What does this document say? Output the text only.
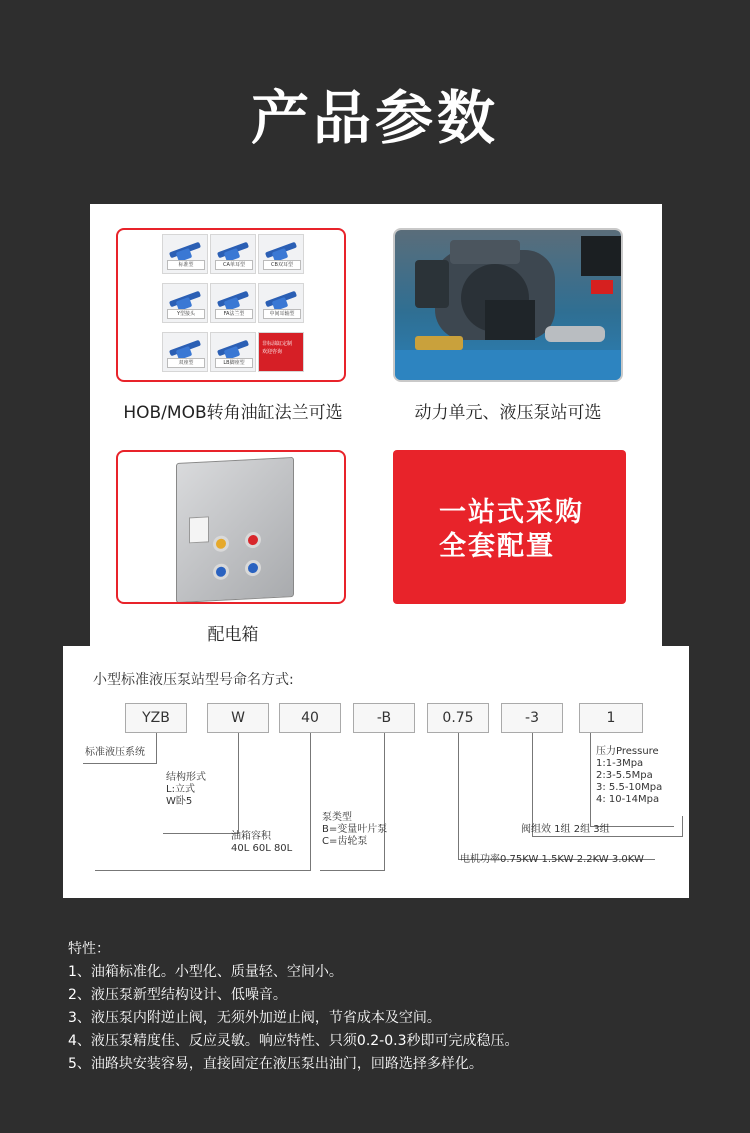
产品参数
标准型	CA单耳型	CB双耳型
Y型接头	FA法兰型	中间耳轴型
双座型	LB脚座型
非标油缸定制
欢迎咨询
HOB/MOB转角油缸法兰可选	动力单元、液压泵站可选
配电箱
一站式采购
全套配置
小型标准液压泵站型号命名方式:
YZB	W	40	-B	0.75	-3	1
标准液压系统
结构形式
L:立式
W卧5
油箱容积
40L 60L 80L
泵类型
B=变量叶片泵
C=齿轮泵
电机功率0.75KW 1.5KW 2.2KW 3.0KW
阀组效 1组 2组 3组
压力Pressure
1:1-3Mpa
2:3-5.5Mpa
3: 5.5-10Mpa
4: 10-14Mpa
特性：
1、油箱标准化。小型化、质量轻、空间小。
2、液压泵新型结构设计、低噪音。
3、液压泵内附逆止阀，无须外加逆止阀，节省成本及空间。
4、液压泵精度佳、反应灵敏。响应特性、只须0.2-0.3秒即可完成稳压。
5、油路块安装容易，直接固定在液压泵出油门，回路选择多样化。
